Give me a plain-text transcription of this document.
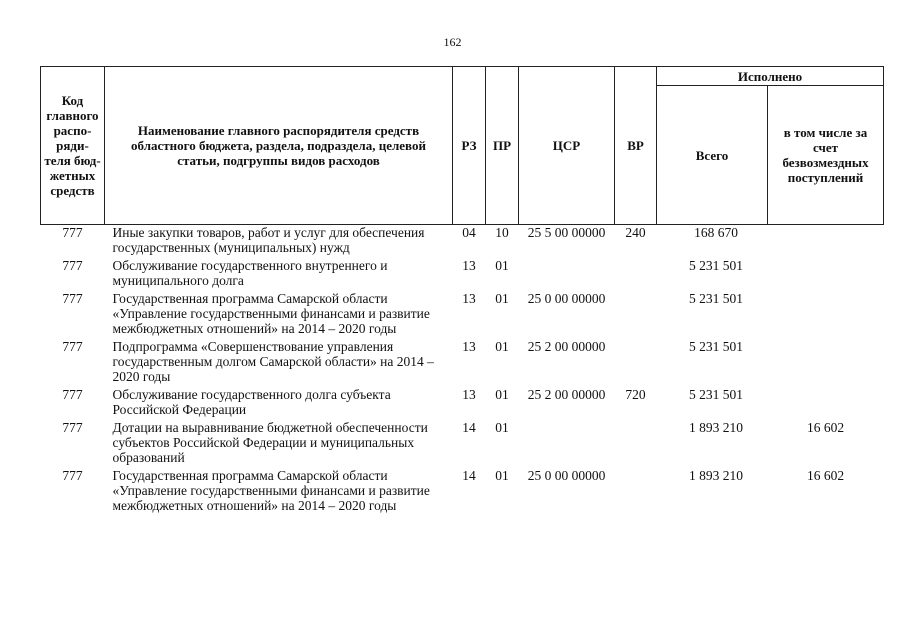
162
Код главного распо-ряди-теля бюд-жетных средств	Наименование главного распорядителя средств областного бюджета, раздела, подраздела, целевой статьи, подгруппы видов расходов	РЗ	ПР	ЦСР	ВР	Исполнено	
						Всего	в том числе за счет безвозмездных поступлений
777	Иные закупки товаров, работ и услуг для обеспечения государственных (муниципальных) нужд	04	10	25 5 00 00000	240	168 670	
777	Обслуживание государственного внутреннего и муниципального долга	13	01			5 231 501	
777	Государственная программа Самарской области «Управление государственными финансами и развитие межбюджетных отношений» на 2014 – 2020 годы	13	01	25 0 00 00000		5 231 501	
777	Подпрограмма «Совершенствование управления государственным долгом Самарской области» на 2014 – 2020 годы	13	01	25 2 00 00000		5 231 501	
777	Обслуживание государственного долга субъекта Российской Федерации	13	01	25 2 00 00000	720	5 231 501	
777	Дотации на выравнивание бюджетной обеспеченности субъектов Российской Федерации и муниципальных образований	14	01			1 893 210	16 602
777	Государственная программа Самарской области «Управление государственными финансами и развитие межбюджетных отношений» на 2014 – 2020 годы	14	01	25 0 00 00000		1 893 210	16 602
